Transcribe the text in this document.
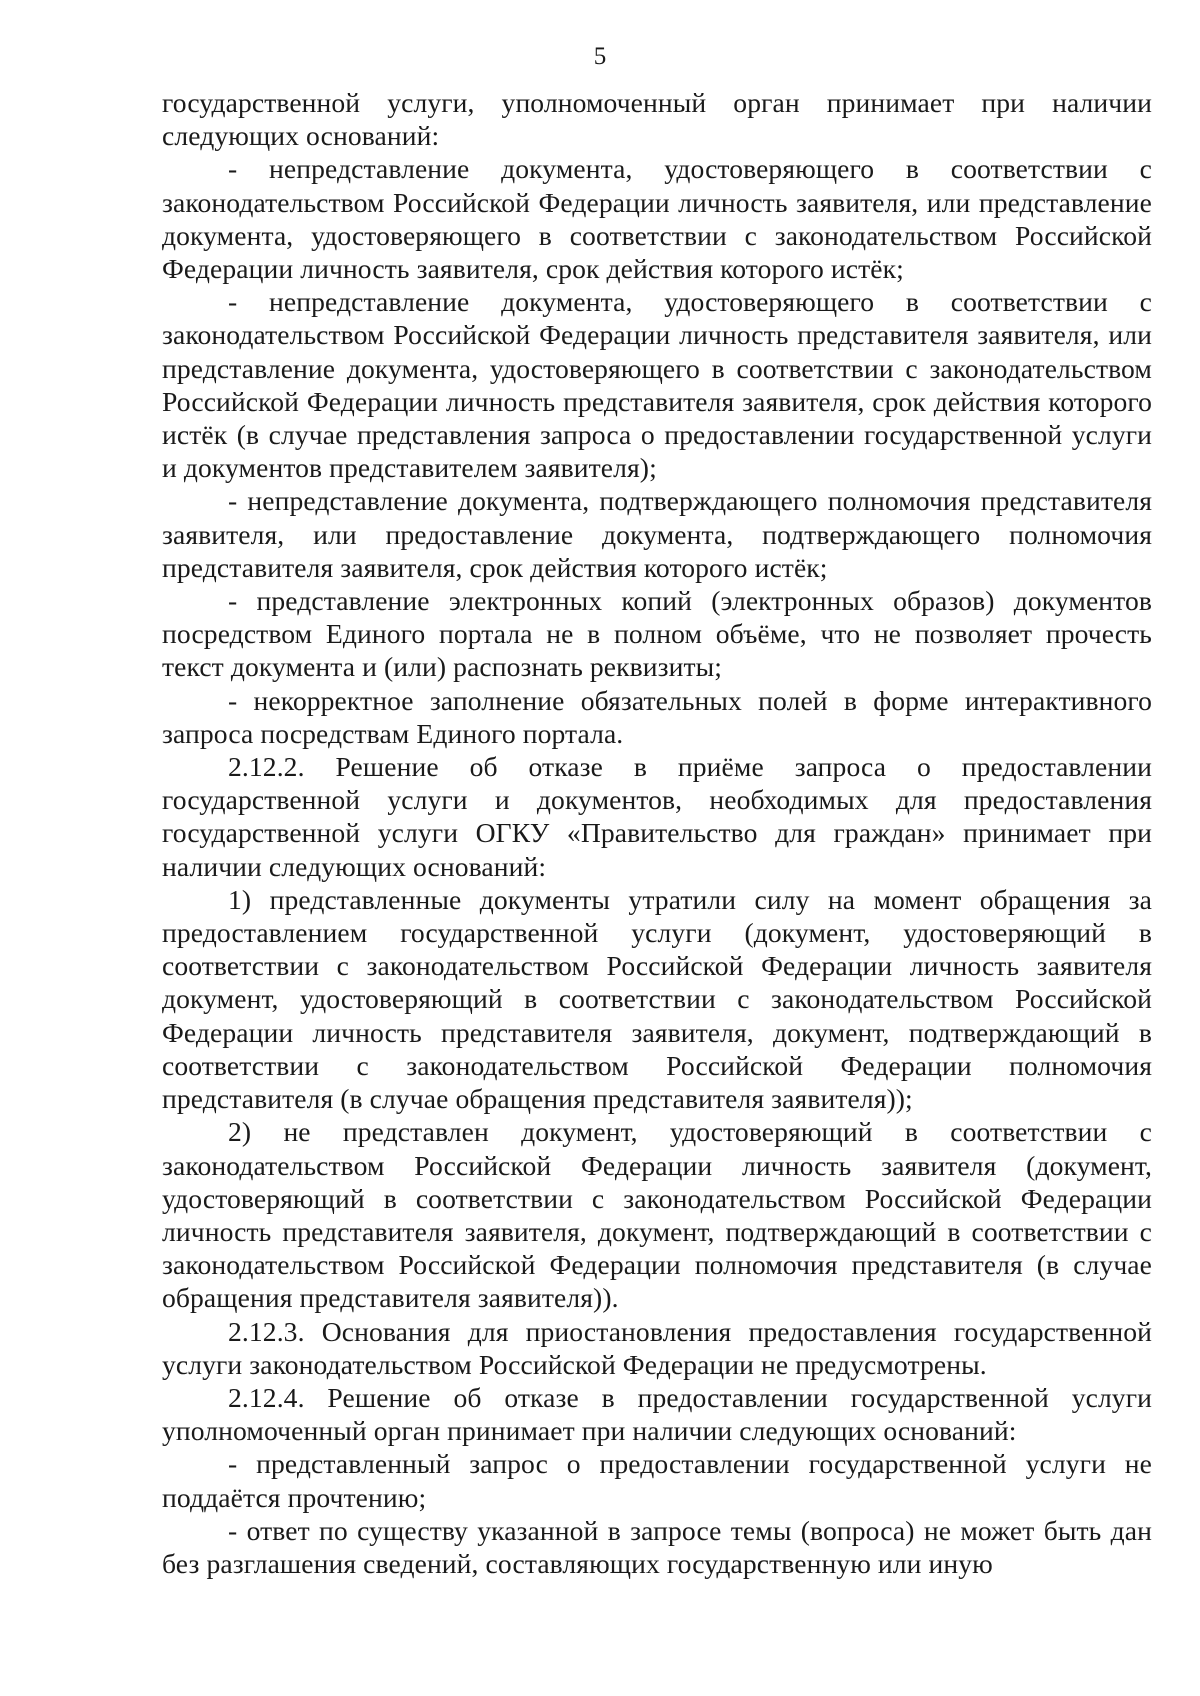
5

государственной услуги, уполномоченный орган принимает при наличии следующих оснований:

- непредставление документа, удостоверяющего в соответствии с законодательством Российской Федерации личность заявителя, или представление документа, удостоверяющего в соответствии с законодательством Российской Федерации личность заявителя, срок действия которого истёк;

- непредставление документа, удостоверяющего в соответствии с законодательством Российской Федерации личность представителя заявителя, или представление документа, удостоверяющего в соответствии с законодательством Российской Федерации личность представителя заявителя, срок действия которого истёк (в случае представления запроса о предоставлении государственной услуги и документов представителем заявителя);

- непредставление документа, подтверждающего полномочия представителя заявителя, или предоставление документа, подтверждающего полномочия представителя заявителя, срок действия которого истёк;

- представление электронных копий (электронных образов) документов посредством Единого портала не в полном объёме, что не позволяет прочесть текст документа и (или) распознать реквизиты;

- некорректное заполнение обязательных полей в форме интерактивного запроса посредствам Единого портала.

2.12.2. Решение об отказе в приёме запроса о предоставлении государственной услуги и документов, необходимых для предоставления государственной услуги ОГКУ «Правительство для граждан» принимает при наличии следующих оснований:

1) представленные документы утратили силу на момент обращения за предоставлением государственной услуги (документ, удостоверяющий в соответствии с законодательством Российской Федерации личность заявителя документ, удостоверяющий в соответствии с законодательством Российской Федерации личность представителя заявителя, документ, подтверждающий в соответствии с законодательством Российской Федерации полномочия представителя (в случае обращения представителя заявителя));

2) не представлен документ, удостоверяющий в соответствии с законодательством Российской Федерации личность заявителя (документ, удостоверяющий в соответствии с законодательством Российской Федерации личность представителя заявителя, документ, подтверждающий в соответствии с законодательством Российской Федерации полномочия представителя (в случае обращения представителя заявителя)).

2.12.3. Основания для приостановления предоставления государственной услуги законодательством Российской Федерации не предусмотрены.

2.12.4. Решение об отказе в предоставлении государственной услуги уполномоченный орган принимает при наличии следующих оснований:

- представленный запрос о предоставлении государственной услуги не поддаётся прочтению;

- ответ по существу указанной в запросе темы (вопроса) не может быть дан без разглашения сведений, составляющих государственную или иную
